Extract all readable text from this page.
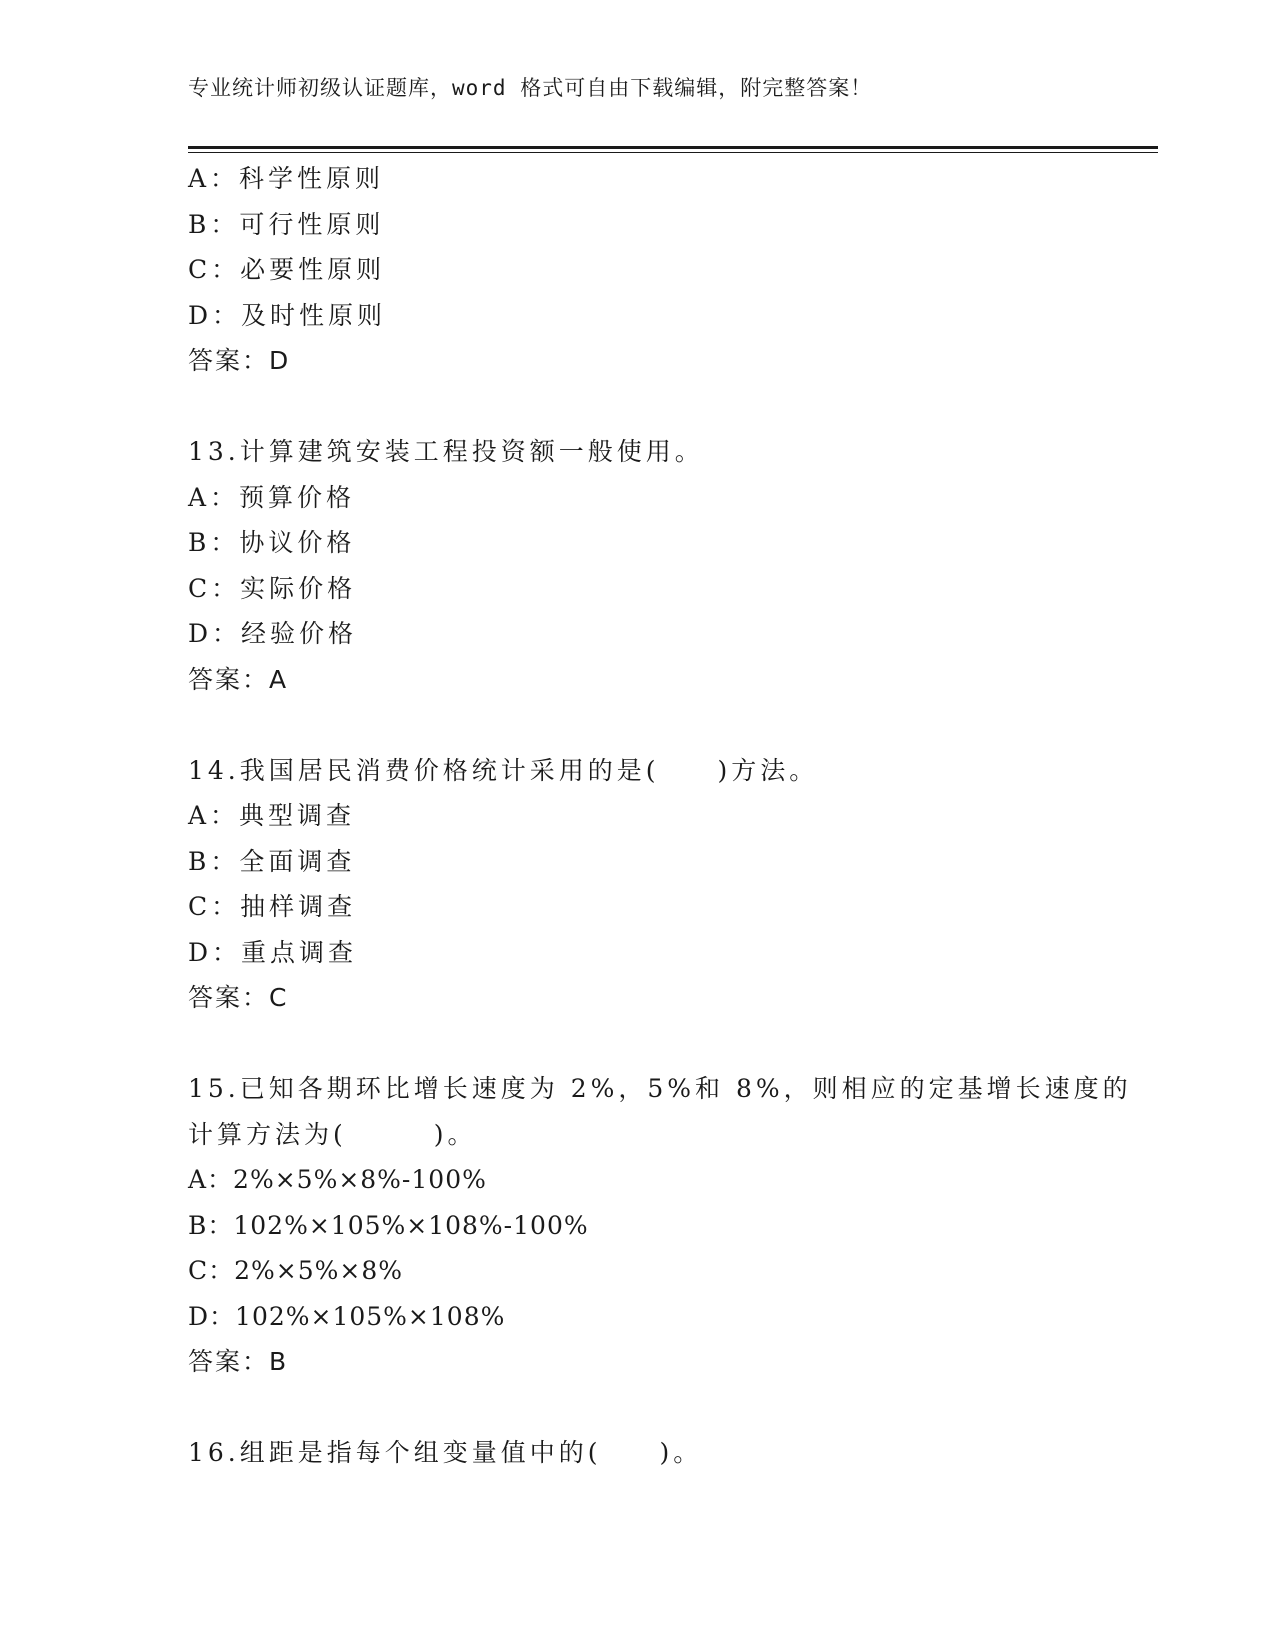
专业统计师初级认证题库，word 格式可自由下载编辑，附完整答案！
A：科学性原则
B：可行性原则
C：必要性原则
D：及时性原则
答案：D
13.计算建筑安装工程投资额一般使用。
A：预算价格
B：协议价格
C：实际价格
D：经验价格
答案：A
14.我国居民消费价格统计采用的是(　　)方法。
A：典型调查
B：全面调查
C：抽样调查
D：重点调查
答案：C
15.已知各期环比增长速度为 2%，5%和 8%，则相应的定基增长速度的
计算方法为(　　　)。
A：2%×5%×8%-100%
B：102%×105%×108%-100%
C：2%×5%×8%
D：102%×105%×108%
答案：B
16.组距是指每个组变量值中的(　　)。
